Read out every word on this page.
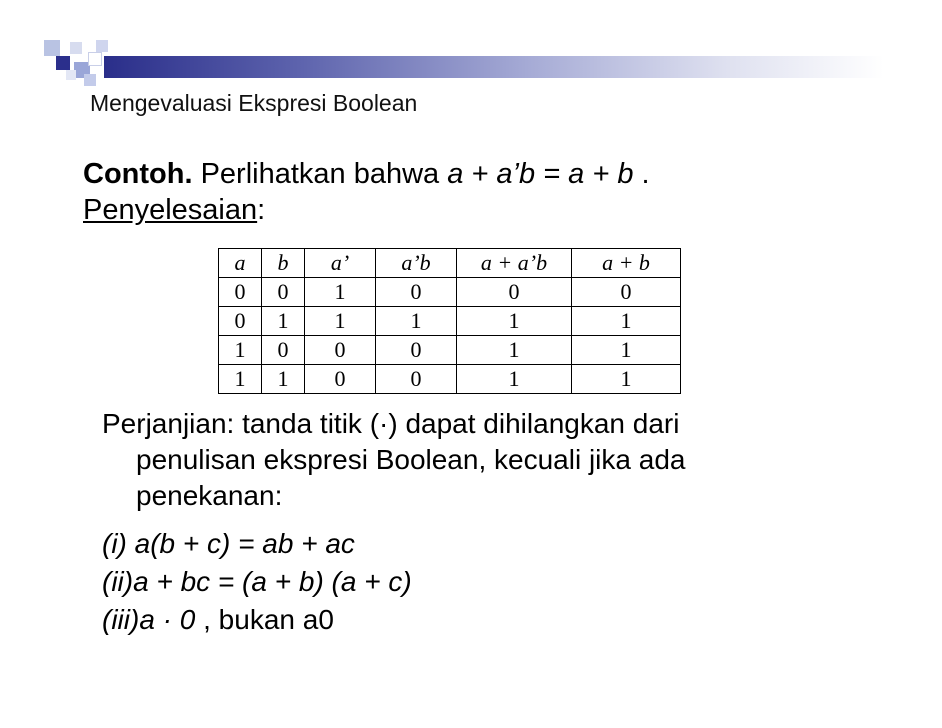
Mengevaluasi Ekspresi Boolean
Contoh. Perlihatkan bahwa a + a’b = a + b .
Penyelesaian:
a	b	a’	a’b	a + a’b	a + b
0	0	1	0	0	0
0	1	1	1	1	1
1	0	0	0	1	1
1	1	0	0	1	1
Perjanjian: tanda titik (·) dapat dihilangkan dari
penulisan ekspresi Boolean, kecuali jika ada
penekanan:
(i) a(b + c) = ab + ac
(ii)a + bc = (a + b) (a + c)
(iii)a · 0 , bukan a0
